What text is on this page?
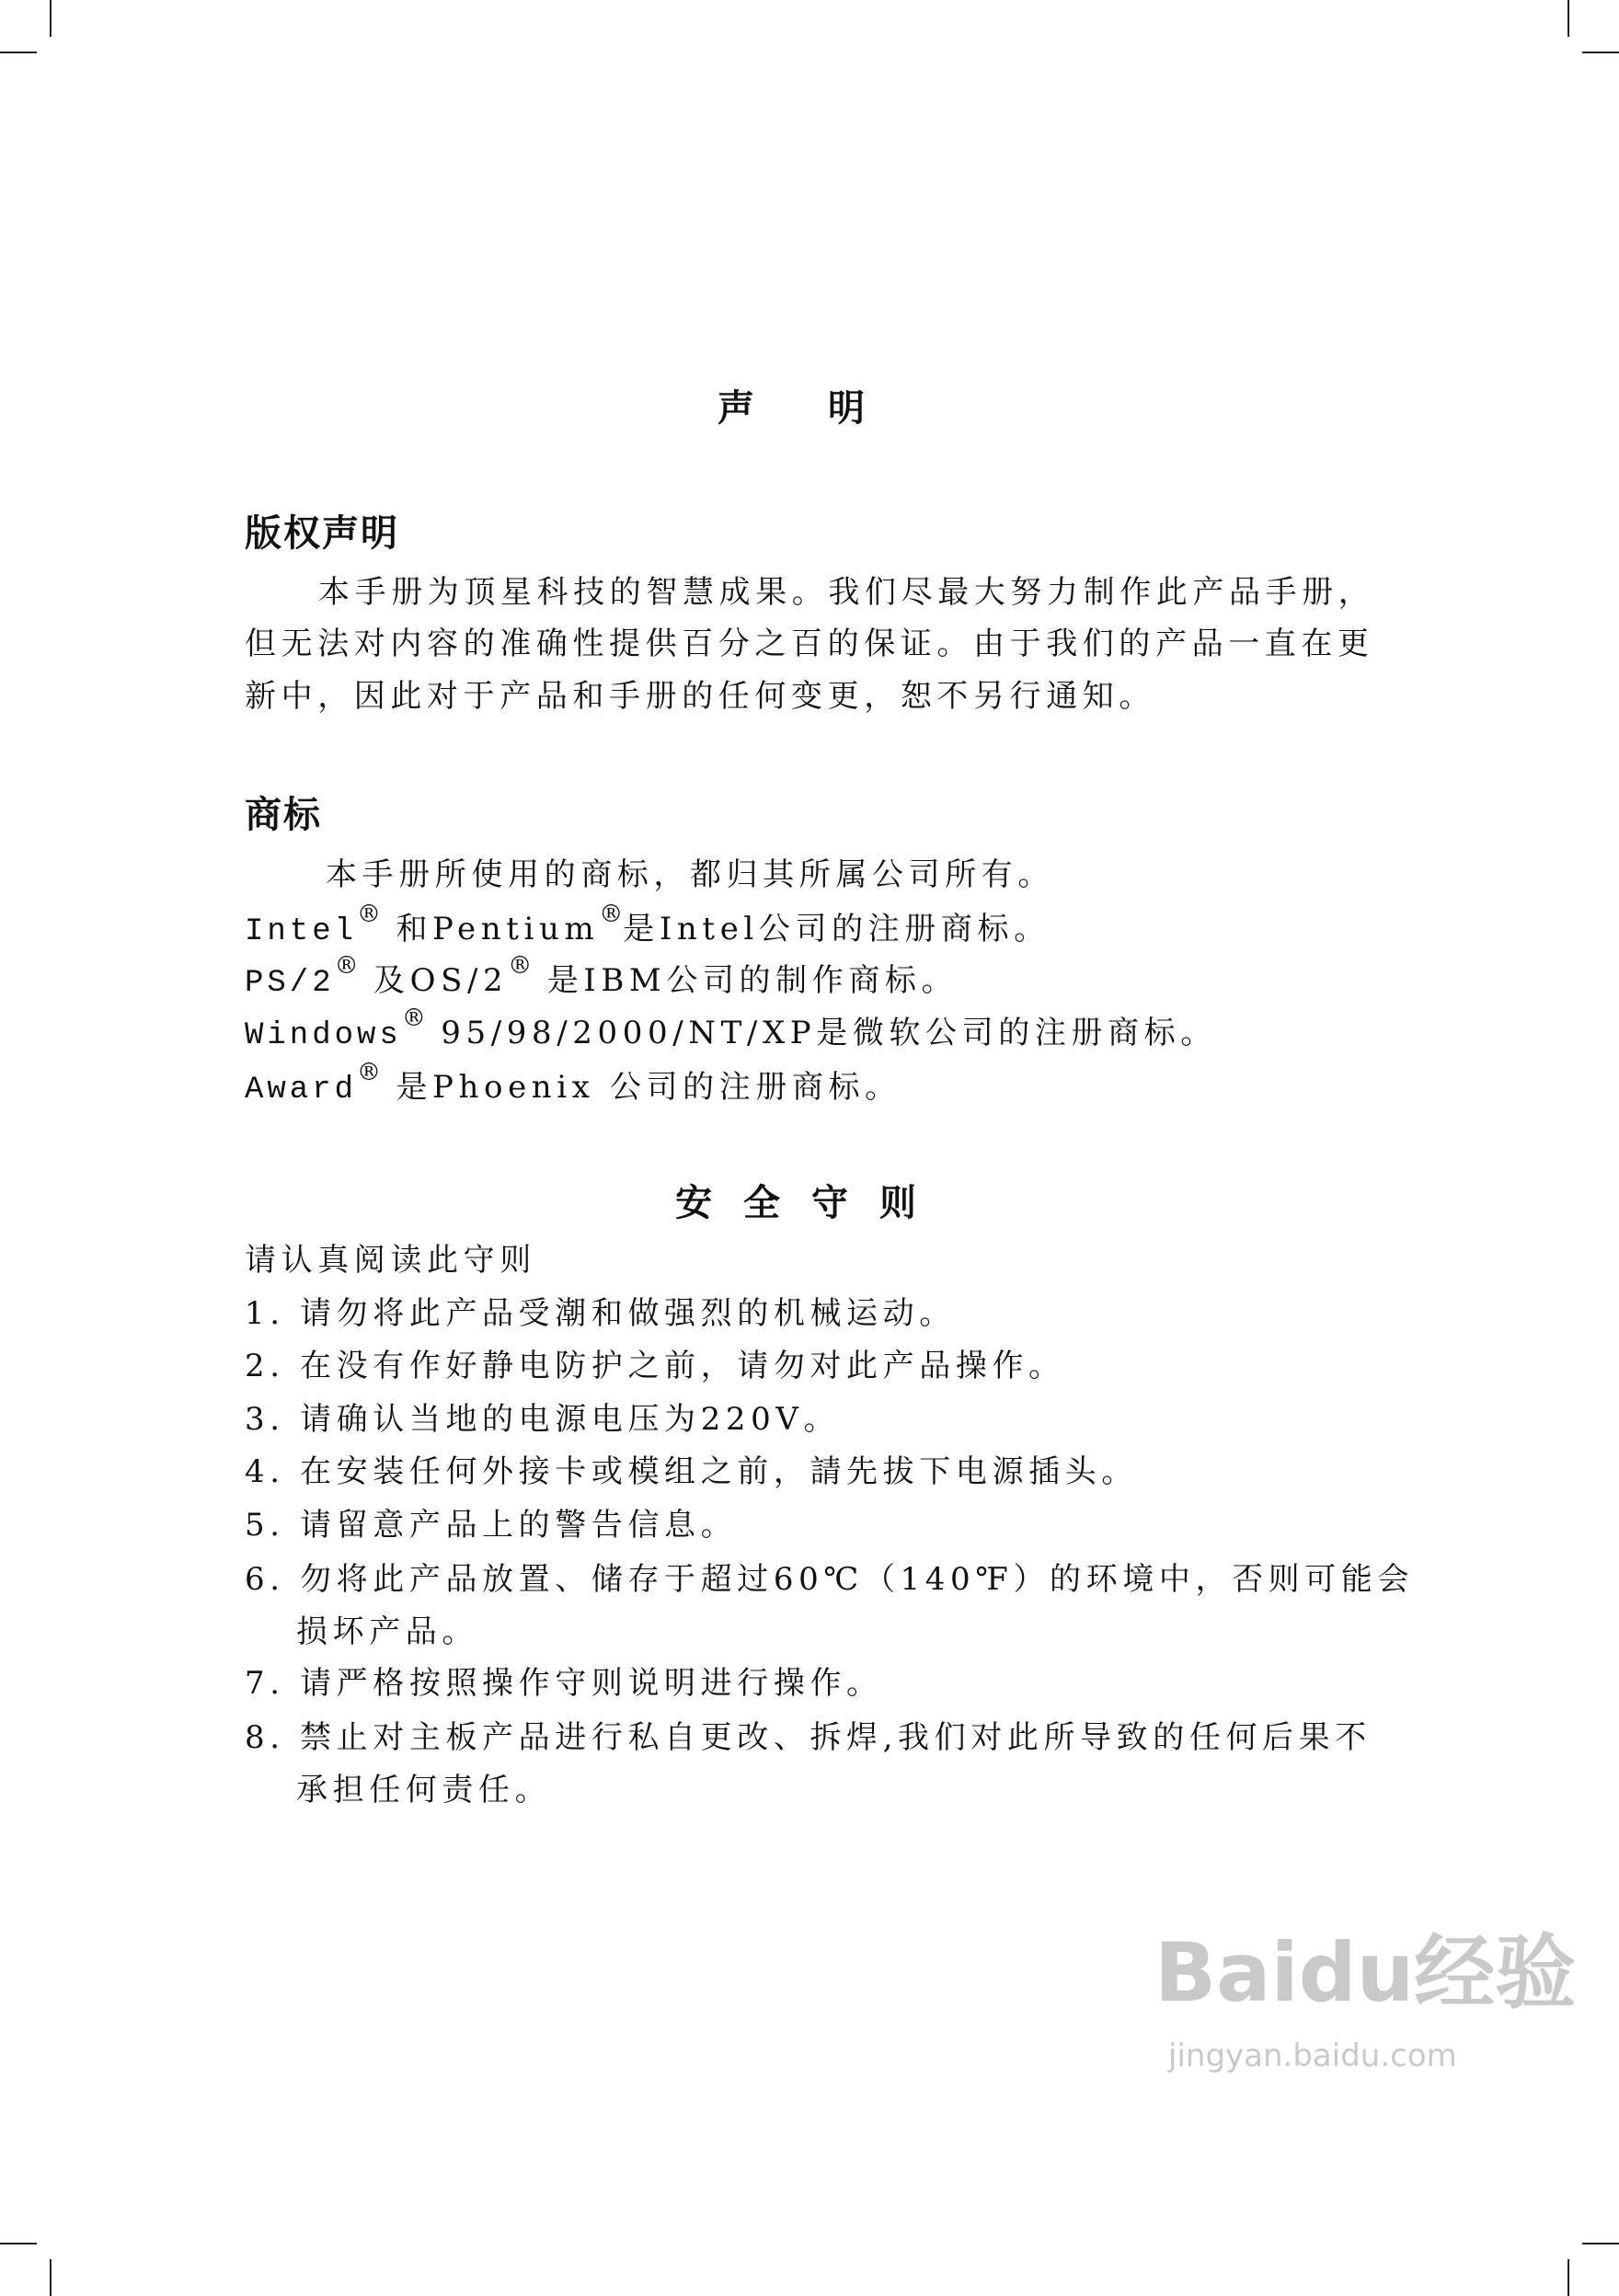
声　明
版权声明
本手册为顶星科技的智慧成果。我们尽最大努力制作此产品手册，
但无法对内容的准确性提供百分之百的保证。由于我们的产品一直在更
新中，因此对于产品和手册的任何变更，恕不另行通知。
商标
本手册所使用的商标，都归其所属公司所有。
Intel® 和Pentium®是Intel公司的注册商标。
PS/2® 及OS/2® 是IBM公司的制作商标。
Windows® 95/98/2000/NT/XP是微软公司的注册商标。
Award® 是Phoenix 公司的注册商标。
安 全 守 则
请认真阅读此守则
1. 请勿将此产品受潮和做强烈的机械运动。
2. 在没有作好静电防护之前，请勿对此产品操作。
3. 请确认当地的电源电压为220V。
4. 在安装任何外接卡或模组之前，請先拔下电源插头。
5. 请留意产品上的警告信息。
6. 勿将此产品放置、储存于超过60℃（140℉）的环境中，否则可能会
损坏产品。
7. 请严格按照操作守则说明进行操作。
8. 禁止对主板产品进行私自更改、拆焊,我们对此所导致的任何后果不
承担任何责任。
Baidu经验
jingyan.baidu.com
